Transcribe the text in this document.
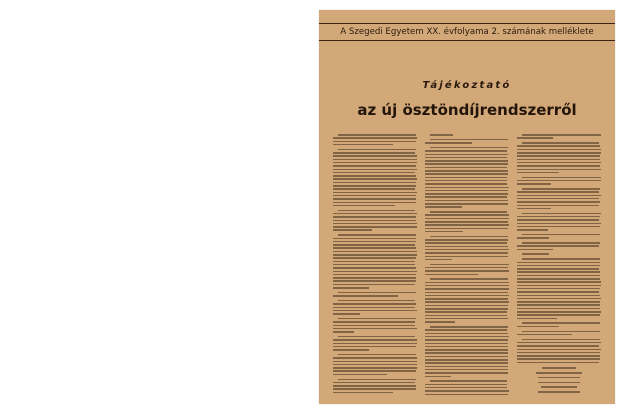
A Szegedi Egyetem XX. évfolyama 2. számának melléklete
Tájékoztató
az új ösztöndíjrendszerről
